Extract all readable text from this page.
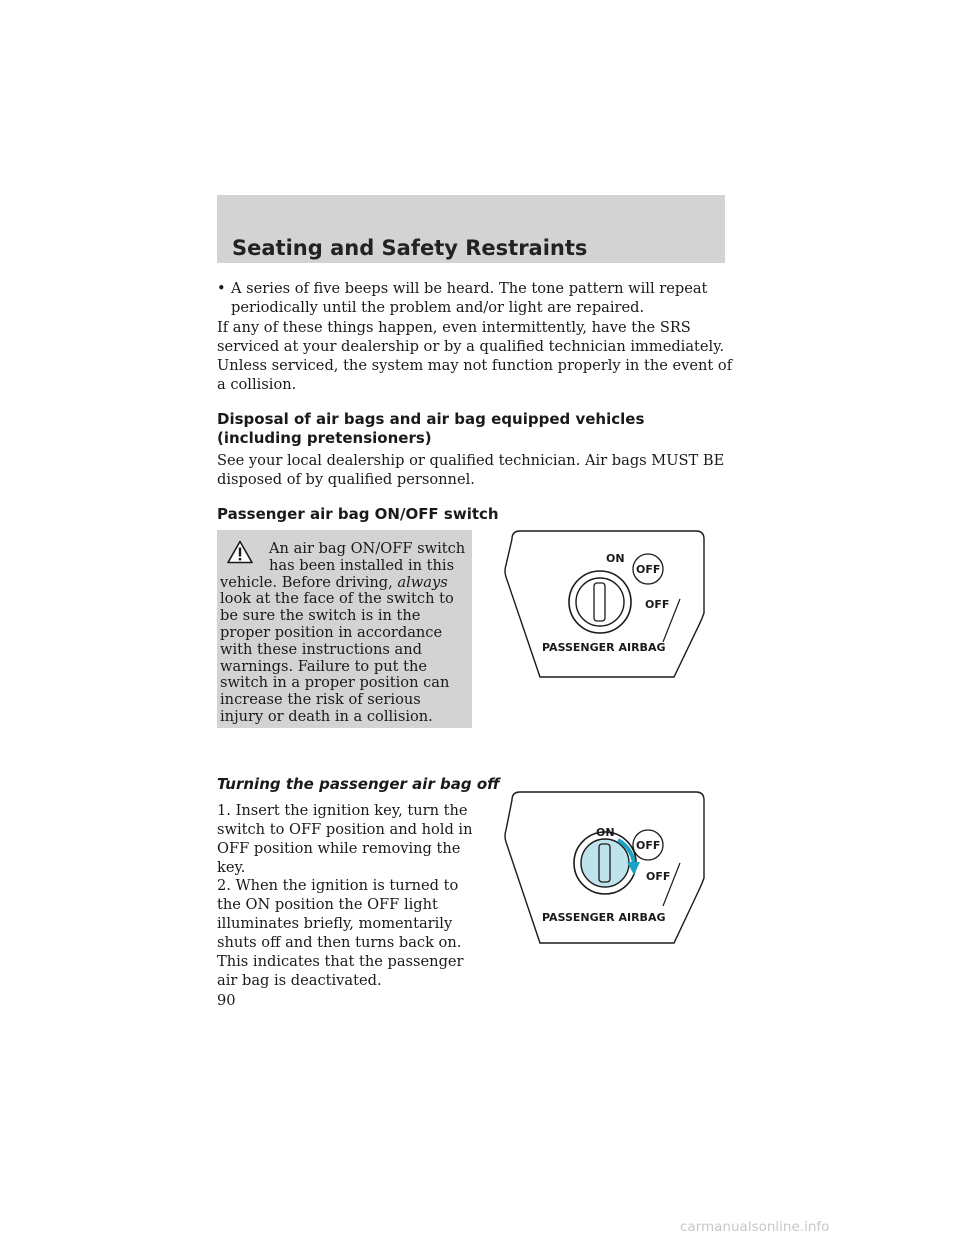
Seating and Safety Restraints
• A series of five beeps will be heard. The tone pattern will repeat periodically until the problem and/or light are repaired.
If any of these things happen, even intermittently, have the SRS serviced at your dealership or by a qualified technician immediately. Unless serviced, the system may not function properly in the event of a collision.
Disposal of air bags and air bag equipped vehicles (including pretensioners)
See your local dealership or qualified technician. Air bags MUST BE disposed of by qualified personnel.
Passenger air bag ON/OFF switch
An air bag ON/OFF switch
has been installed in this
vehicle. Before driving, always
look at the face of the switch to be sure the switch is in the proper position in accordance with these instructions and warnings. Failure to put the switch in a proper position can increase the risk of serious injury or death in a collision.
ON
OFF
OFF
PASSENGER AIRBAG
Turning the passenger air bag off
1. Insert the ignition key, turn the switch to OFF position and hold in OFF position while removing the key.
2. When the ignition is turned to the ON position the OFF light illuminates briefly, momentarily shuts off and then turns back on. This indicates that the passenger air bag is deactivated.
ON
OFF
OFF
PASSENGER AIRBAG
90
carmanualsonline.info
